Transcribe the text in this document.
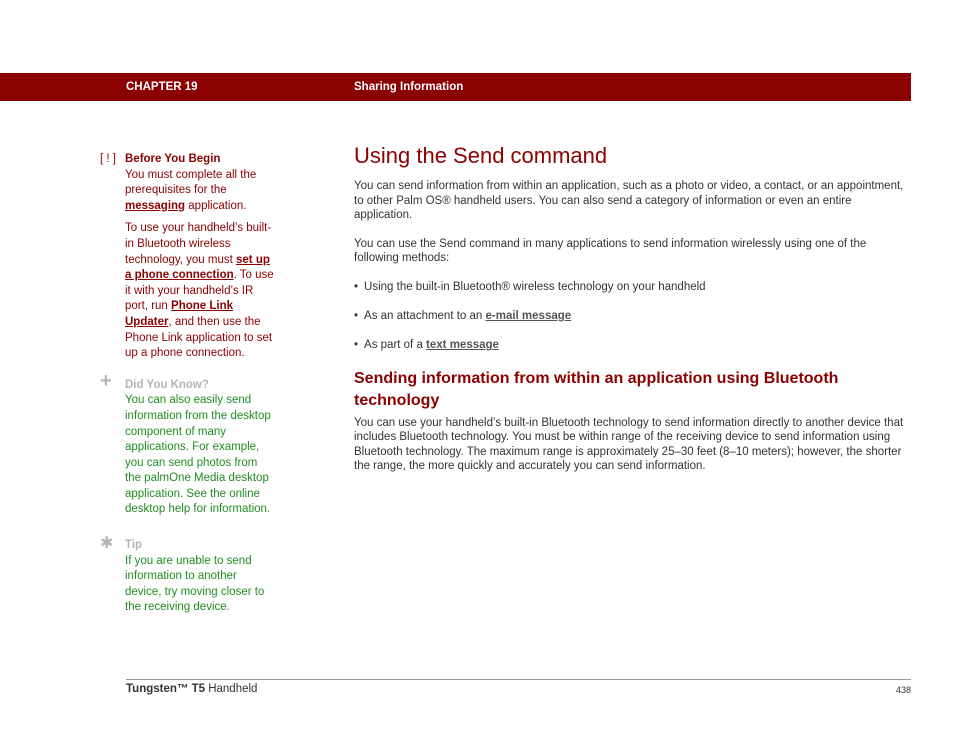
CHAPTER 19	Sharing Information
[ ! ] Before You Begin

You must complete all the prerequisites for the messaging application.

To use your handheld’s built-in Bluetooth wireless technology, you must set up a phone connection. To use it with your handheld’s IR port, run Phone Link Updater, and then use the Phone Link application to set up a phone connection.

+	Did You Know?
You can also easily send information from the desktop component of many applications. For example, you can send photos from the palmOne Media desktop application. See the online desktop help for information.
✱	Tip
If you are unable to send information to another device, try moving closer to the receiving device.
Using the Send command

You can send information from within an application, such as a photo or video, a contact, or an appointment, to other Palm OS® handheld users. You can also send a category of information or even an entire application.

You can use the Send command in many applications to send information wirelessly using one of the following methods:

• Using the built-in Bluetooth® wireless technology on your handheld
• As an attachment to an e-mail message
• As part of a text message
Sending information from within an application using Bluetooth technology

You can use your handheld’s built-in Bluetooth technology to send information directly to another device that includes Bluetooth technology. You must be within range of the receiving device to send information using Bluetooth technology. The maximum range is approximately 25–30 feet (8–10 meters); however, the shorter the range, the more quickly and accurately you can send information.

Tungsten™ T5 Handheld	438
